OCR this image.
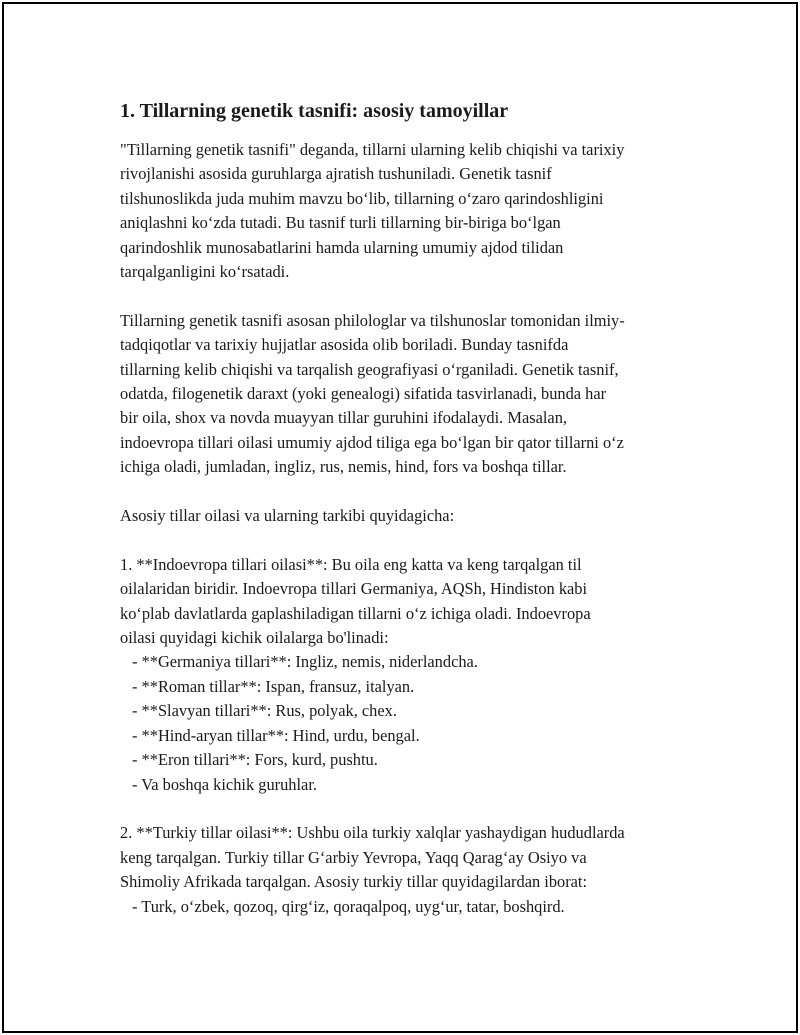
1. Tillarning genetik tasnifi: asosiy tamoyillar

"Tillarning genetik tasnifi" deganda, tillarni ularning kelib chiqishi va tarixiy
rivojlanishi asosida guruhlarga ajratish tushuniladi. Genetik tasnif
tilshunoslikda juda muhim mavzu bo‘lib, tillarning o‘zaro qarindoshligini
aniqlashni ko‘zda tutadi. Bu tasnif turli tillarning bir-biriga bo‘lgan
qarindoshlik munosabatlarini hamda ularning umumiy ajdod tilidan
tarqalganligini ko‘rsatadi.

Tillarning genetik tasnifi asosan philologlar va tilshunoslar tomonidan ilmiy-
tadqiqotlar va tarixiy hujjatlar asosida olib boriladi. Bunday tasnifda
tillarning kelib chiqishi va tarqalish geografiyasi o‘rganiladi. Genetik tasnif,
odatda, filogenetik daraxt (yoki genealogi) sifatida tasvirlanadi, bunda har
bir oila, shox va novda muayyan tillar guruhini ifodalaydi. Masalan,
indoevropa tillari oilasi umumiy ajdod tiliga ega bo‘lgan bir qator tillarni o‘z
ichiga oladi, jumladan, ingliz, rus, nemis, hind, fors va boshqa tillar.

Asosiy tillar oilasi va ularning tarkibi quyidagicha:

1. **Indoevropa tillari oilasi**: Bu oila eng katta va keng tarqalgan til
oilalaridan biridir. Indoevropa tillari Germaniya, AQSh, Hindiston kabi
ko‘plab davlatlarda gaplashiladigan tillarni o‘z ichiga oladi. Indoevropa
oilasi quyidagi kichik oilalarga bo'linadi:

- **Germaniya tillari**: Ingliz, nemis, niderlandcha.
- **Roman tillar**: Ispan, fransuz, italyan.
- **Slavyan tillari**: Rus, polyak, chex.
- **Hind-aryan tillar**: Hind, urdu, bengal.
- **Eron tillari**: Fors, kurd, pushtu.
- Va boshqa kichik guruhlar.

2. **Turkiy tillar oilasi**: Ushbu oila turkiy xalqlar yashaydigan hududlarda
keng tarqalgan. Turkiy tillar G‘arbiy Yevropa, Yaqq Qarag‘ay Osiyo va
Shimoliy Afrikada tarqalgan. Asosiy turkiy tillar quyidagilardan iborat:

- Turk, o‘zbek, qozoq, qirg‘iz, qoraqalpoq, uyg‘ur, tatar, boshqird.
